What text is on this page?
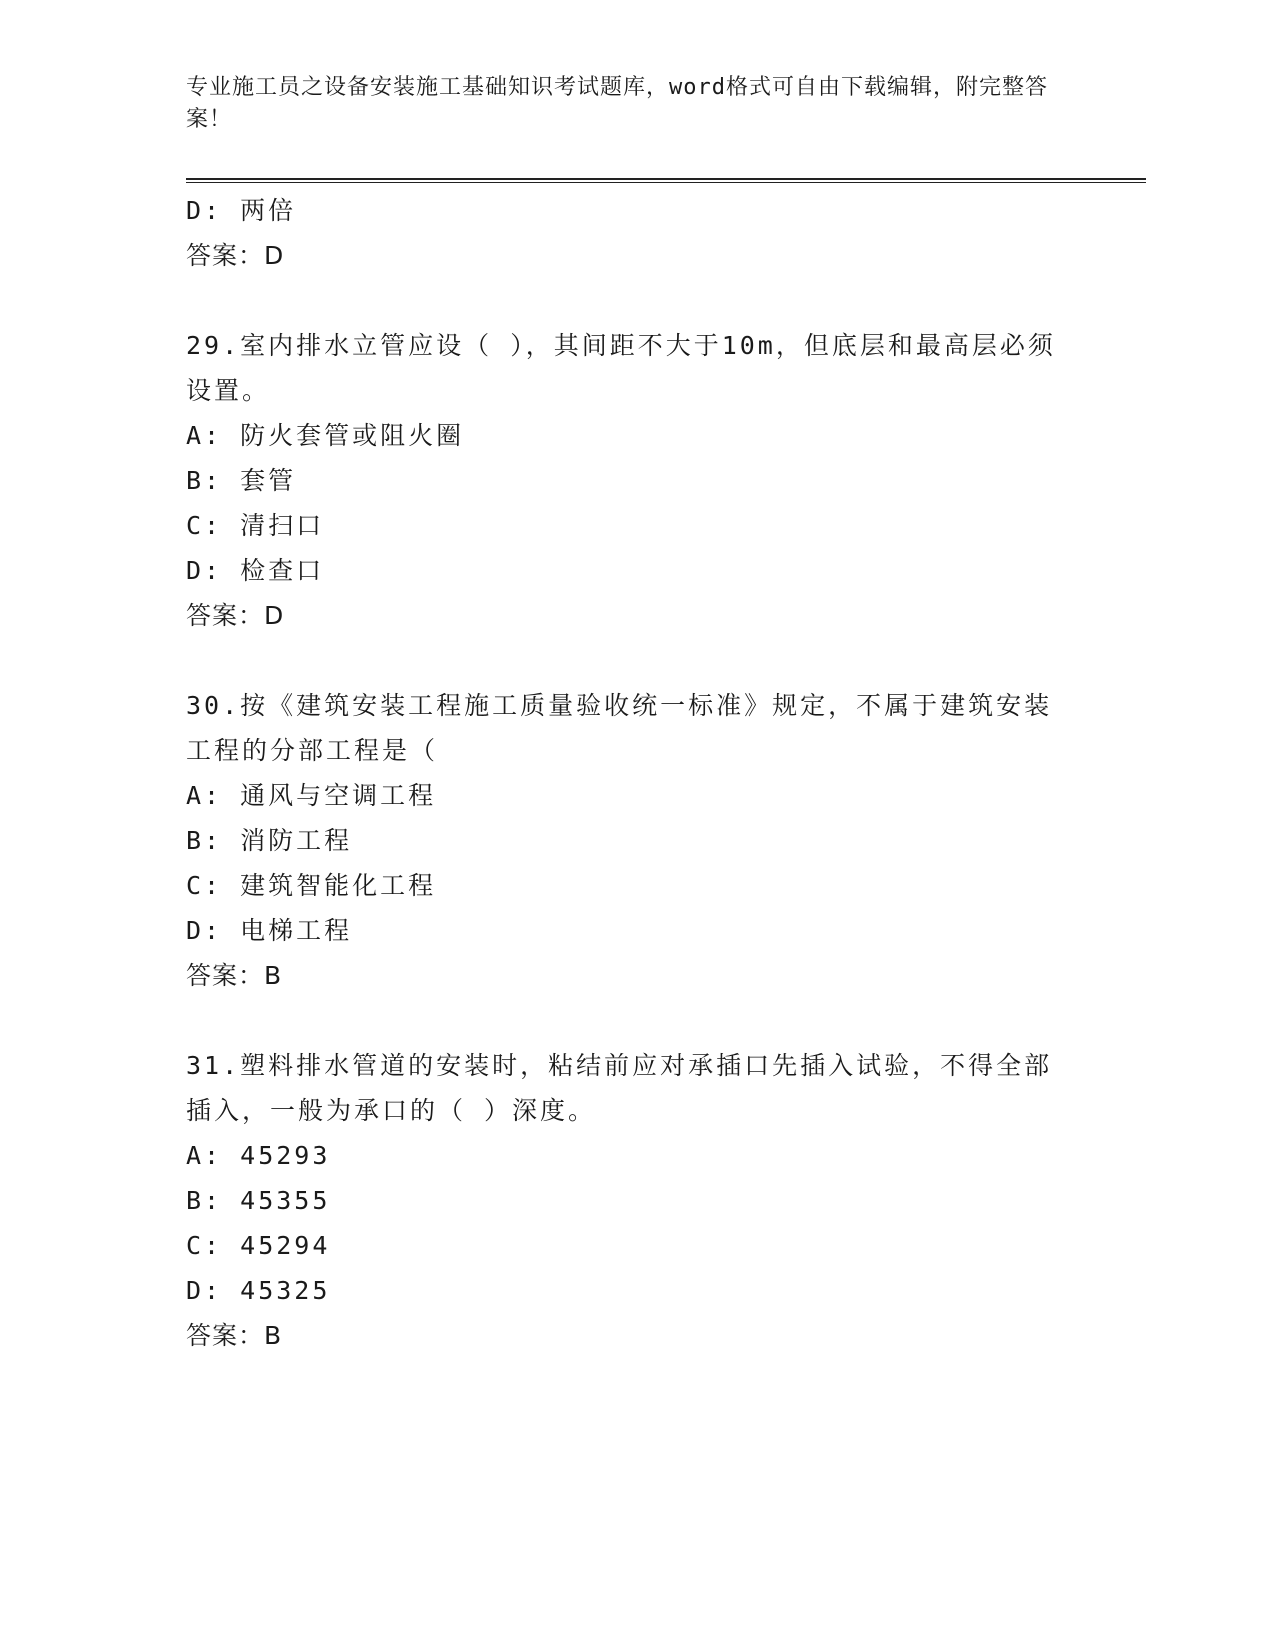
专业施工员之设备安装施工基础知识考试题库，word格式可自由下载编辑，附完整答案！
D: 两倍
答案：D
29.室内排水立管应设（ ），其间距不大于10m，但底层和最高层必须
设置。
A: 防火套管或阻火圈
B: 套管
C: 清扫口
D: 检查口
答案：D
30.按《建筑安装工程施工质量验收统一标准》规定，不属于建筑安装
工程的分部工程是（
A: 通风与空调工程
B: 消防工程
C: 建筑智能化工程
D: 电梯工程
答案：B
31.塑料排水管道的安装时，粘结前应对承插口先插入试验，不得全部
插入，一般为承口的（ ）深度。
A: 45293
B: 45355
C: 45294
D: 45325
答案：B
